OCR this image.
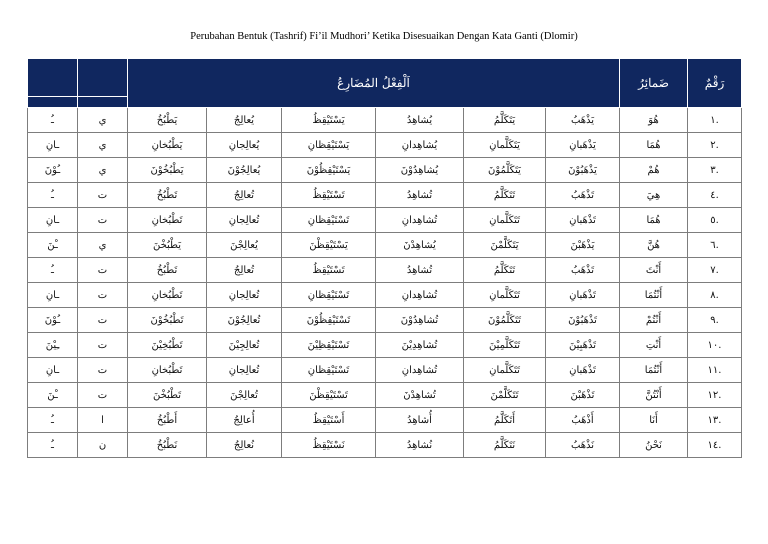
Perubahan Bentuk (Tashrif) Fi’il Mudhori’ Ketika Disesuaikan Dengan Kata Ganti (Dlomir)
		اَلْفِعْلُ المُضَارِعُ						ضَمائِرُ	رَقْمٌ

ـُ	ي	يَطْبُخُ	يُعالِجُ	يَسْتَيْقِظُ	يُشاهِدُ	يَتَكَلَّمُ	يَذْهَبُ	هُوَ	.١
ـانِ	ي	يَطْبُخانِ	يُعالِجانِ	يَسْتَيْقِظانِ	يُشاهِدانِ	يَتَكَلَّمانِ	يَذْهَبانِ	هُمَا	.٢
ـُوْنَ	ي	يَطْبُخُوْنَ	يُعالِجُوْنَ	يَسْتَيْقِظُوْنَ	يُشاهِدُوْنَ	يَتَكَلَّمُوْنَ	يَذْهَبُوْنَ	هُمْ	.٣
ـُ	ت	تَطْبُخُ	تُعالِجُ	تَسْتَيْقِظُ	تُشاهِدُ	تَتَكَلَّمُ	تَذْهَبُ	هِيَ	.٤
ـانِ	ت	تَطْبُخانِ	تُعالِجانِ	تَسْتَيْقِظانِ	تُشاهِدانِ	تَتَكَلَّمانِ	تَذْهَبانِ	هُمَا	.٥
ـْنَ	ي	يَطْبُخْنَ	يُعالِجْنَ	يَسْتَيْقِظْنَ	يُشاهِدْنَ	يَتَكَلَّمْنَ	يَذْهَبْنَ	هُنَّ	.٦
ـُ	ت	تَطْبُخُ	تُعالِجُ	تَسْتَيْقِظُ	تُشاهِدُ	تَتَكَلَّمُ	تَذْهَبُ	أَنْتَ	.٧
ـانِ	ت	تَطْبُخانِ	تُعالِجانِ	تَسْتَيْقِظانِ	تُشاهِدانِ	تَتَكَلَّمانِ	تَذْهَبانِ	أَنْتُمَا	.٨
ـُوْنَ	ت	تَطْبُخُوْنَ	تُعالِجُوْنَ	تَسْتَيْقِظُوْنَ	تُشاهِدُوْنَ	تَتَكَلَّمُوْنَ	تَذْهَبُوْنَ	أَنْتُمْ	.٩
ـِيْنَ	ت	تَطْبُخِيْنَ	تُعالِجِيْنَ	تَسْتَيْقِظِيْنَ	تُشاهِدِيْنَ	تَتَكَلَّمِيْنَ	تَذْهَبِيْنَ	أَنْتِ	.١٠
ـانِ	ت	تَطْبُخانِ	تُعالِجانِ	تَسْتَيْقِظانِ	تُشاهِدانِ	تَتَكَلَّمانِ	تَذْهَبانِ	أَنْتُمَا	.١١
ـْنَ	ت	تَطْبُخْنَ	تُعالِجْنَ	تَسْتَيْقِظْنَ	تُشاهِدْنَ	تَتَكَلَّمْنَ	تَذْهَبْنَ	أَنْتُنَّ	.١٢
ـُ	ا	أَطْبُخُ	أُعالِجُ	أَسْتَيْقِظُ	أُشاهِدُ	أَتَكَلَّمُ	أَذْهَبُ	أَنَا	.١٣
ـُ	ن	نَطْبُخُ	نُعالِجُ	نَسْتَيْقِظُ	نُشاهِدُ	نَتَكَلَّمُ	نَذْهَبُ	نَحْنُ	.١٤
